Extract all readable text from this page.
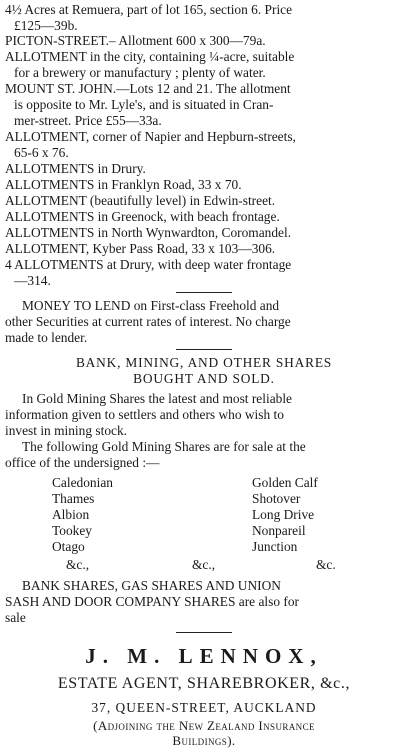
4½ Acres at Remuera, part of lot 165, section 6. Price
£125—39b.
PICTON-STREET.– Allotment 600 x 300—79a.
ALLOTMENT in the city, containing ¼-acre, suitable
for a brewery or manufactury ; plenty of water.
MOUNT ST. JOHN.—Lots 12 and 21. The allotment
is opposite to Mr. Lyle's, and is situated in Cran-
mer-street. Price £55—33a.
ALLOTMENT, corner of Napier and Hepburn-streets,
65-6 x 76.
ALLOTMENTS in Drury.
ALLOTMENTS in Franklyn Road, 33 x 70.
ALLOTMENT (beautifully level) in Edwin-street.
ALLOTMENTS in Greenock, with beach frontage.
ALLOTMENTS in North Wynwardton, Coromandel.
ALLOTMENT, Kyber Pass Road, 33 x 103—306.
4 ALLOTMENTS at Drury, with deep water frontage
—314.
MONEY TO LEND on First-class Freehold and
other Securities at current rates of interest. No charge
made to lender.
BANK, MINING, AND OTHER SHARES
BOUGHT AND SOLD.
In Gold Mining Shares the latest and most reliable
information given to settlers and others who wish to
invest in mining stock.
The following Gold Mining Shares are for sale at the
office of the undersigned :—
Caledonian
Thames
Albion
Tookey
Otago
Golden Calf
Shotover
Long Drive
Nonpareil
Junction
&c.,	&c.,	&c.
BANK SHARES, GAS SHARES AND UNION
SASH AND DOOR COMPANY SHARES are also for
sale
J. M. LENNOX,
ESTATE AGENT, SHAREBROKER, &c.,
37, QUEEN-STREET, AUCKLAND
(Adjoining the New Zealand Insurance
Buildings).
